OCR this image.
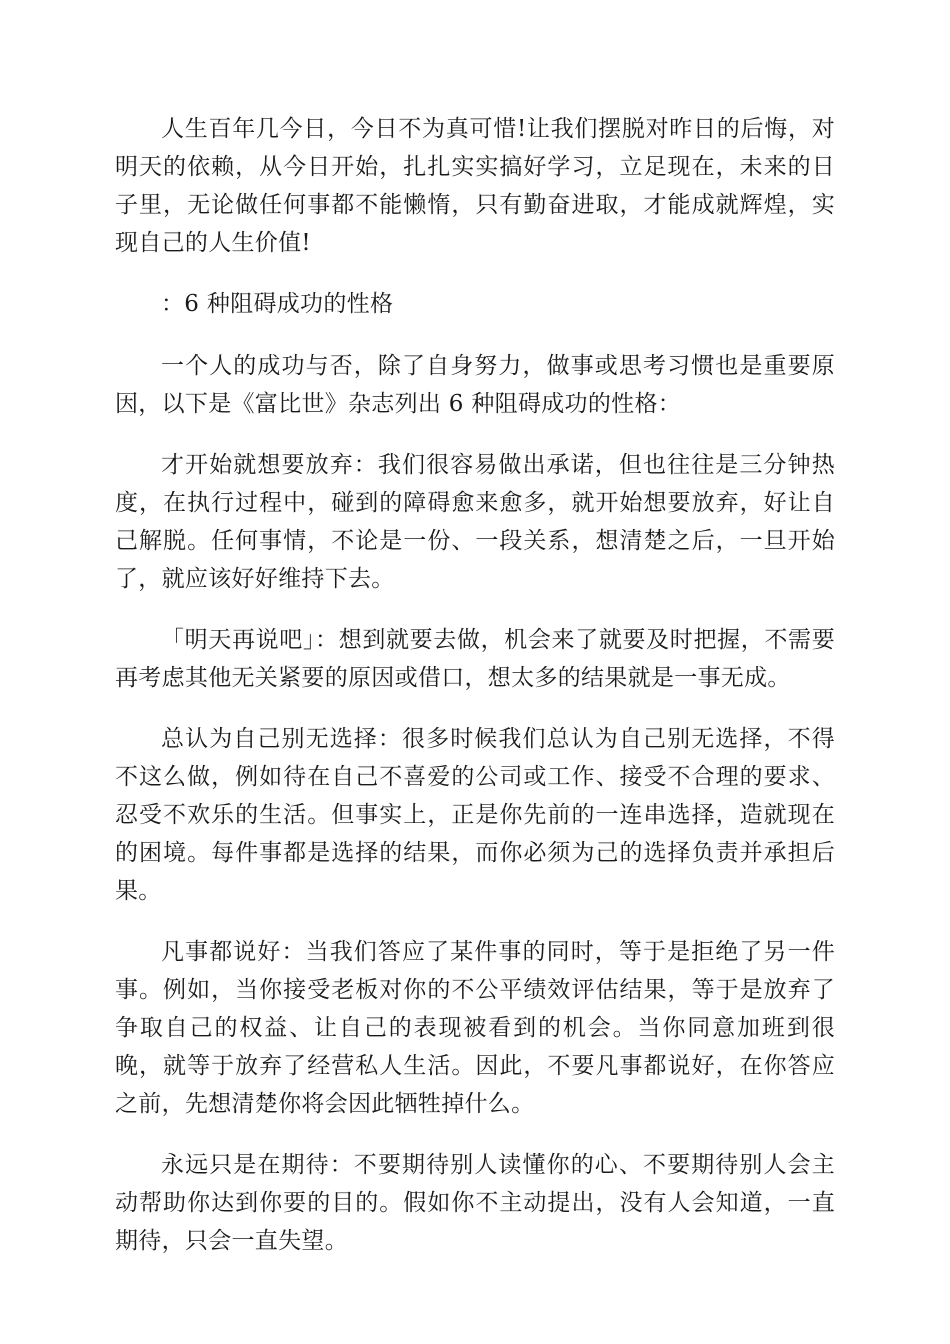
人生百年几今日，今日不为真可惜!让我们摆脱对昨日的后悔，对明天的依赖，从今日开始，扎扎实实搞好学习，立足现在，未来的日子里，无论做任何事都不能懒惰，只有勤奋进取，才能成就辉煌，实现自己的人生价值!

：6 种阻碍成功的性格

一个人的成功与否，除了自身努力，做事或思考习惯也是重要原因，以下是《富比世》杂志列出 6 种阻碍成功的性格：

才开始就想要放弃：我们很容易做出承诺，但也往往是三分钟热度，在执行过程中，碰到的障碍愈来愈多，就开始想要放弃，好让自己解脱。任何事情，不论是一份、一段关系，想清楚之后，一旦开始了，就应该好好维持下去。

「明天再说吧」：想到就要去做，机会来了就要及时把握，不需要再考虑其他无关紧要的原因或借口，想太多的结果就是一事无成。

总认为自己别无选择：很多时候我们总认为自己别无选择，不得不这么做，例如待在自己不喜爱的公司或工作、接受不合理的要求、忍受不欢乐的生活。但事实上，正是你先前的一连串选择，造就现在的困境。每件事都是选择的结果，而你必须为己的选择负责并承担后果。

凡事都说好：当我们答应了某件事的同时，等于是拒绝了另一件事。例如，当你接受老板对你的不公平绩效评估结果，等于是放弃了争取自己的权益、让自己的表现被看到的机会。当你同意加班到很晚，就等于放弃了经营私人生活。因此，不要凡事都说好，在你答应之前，先想清楚你将会因此牺牲掉什么。

永远只是在期待：不要期待别人读懂你的心、不要期待别人会主动帮助你达到你要的目的。假如你不主动提出，没有人会知道，一直期待，只会一直失望。
